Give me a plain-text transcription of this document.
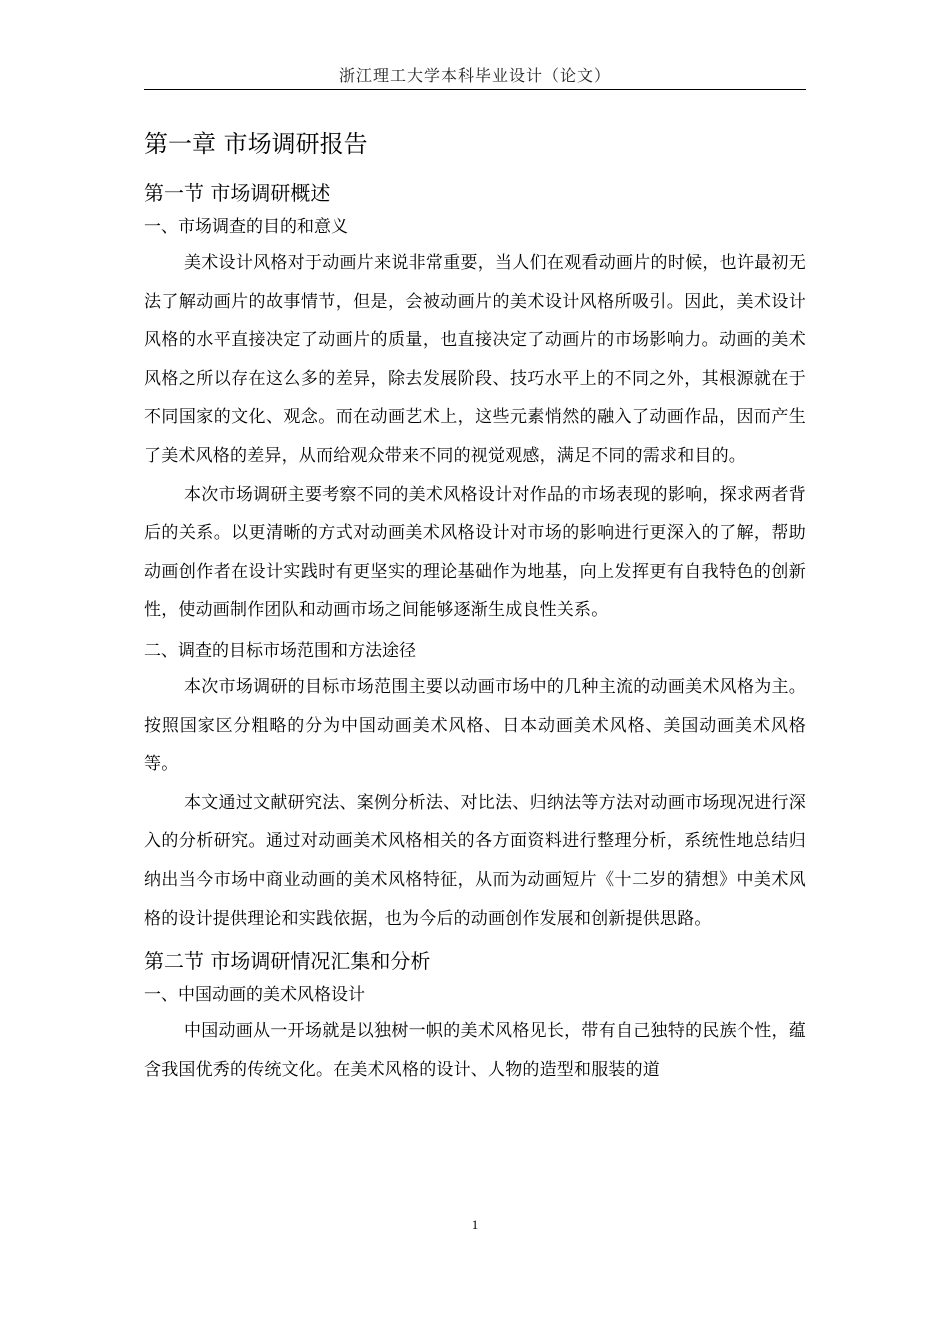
浙江理工大学本科毕业设计（论文）
第一章 市场调研报告
第一节 市场调研概述
一、市场调查的目的和意义

美术设计风格对于动画片来说非常重要，当人们在观看动画片的时候，也许最初无法了解动画片的故事情节，但是，会被动画片的美术设计风格所吸引。因此，美术设计风格的水平直接决定了动画片的质量，也直接决定了动画片的市场影响力。动画的美术风格之所以存在这么多的差异，除去发展阶段、技巧水平上的不同之外，其根源就在于不同国家的文化、观念。而在动画艺术上，这些元素悄然的融入了动画作品，因而产生了美术风格的差异，从而给观众带来不同的视觉观感，满足不同的需求和目的。

本次市场调研主要考察不同的美术风格设计对作品的市场表现的影响，探求两者背后的关系。以更清晰的方式对动画美术风格设计对市场的影响进行更深入的了解，帮助动画创作者在设计实践时有更坚实的理论基础作为地基，向上发挥更有自我特色的创新性，使动画制作团队和动画市场之间能够逐渐生成良性关系。

二、调查的目标市场范围和方法途径

本次市场调研的目标市场范围主要以动画市场中的几种主流的动画美术风格为主。按照国家区分粗略的分为中国动画美术风格、日本动画美术风格、美国动画美术风格等。

本文通过文献研究法、案例分析法、对比法、归纳法等方法对动画市场现况进行深入的分析研究。通过对动画美术风格相关的各方面资料进行整理分析，系统性地总结归纳出当今市场中商业动画的美术风格特征，从而为动画短片《十二岁的猜想》中美术风格的设计提供理论和实践依据，也为今后的动画创作发展和创新提供思路。

第二节 市场调研情况汇集和分析
一、中国动画的美术风格设计

中国动画从一开场就是以独树一帜的美术风格见长，带有自己独特的民族个性，蕴含我国优秀的传统文化。在美术风格的设计、人物的造型和服装的道

1
